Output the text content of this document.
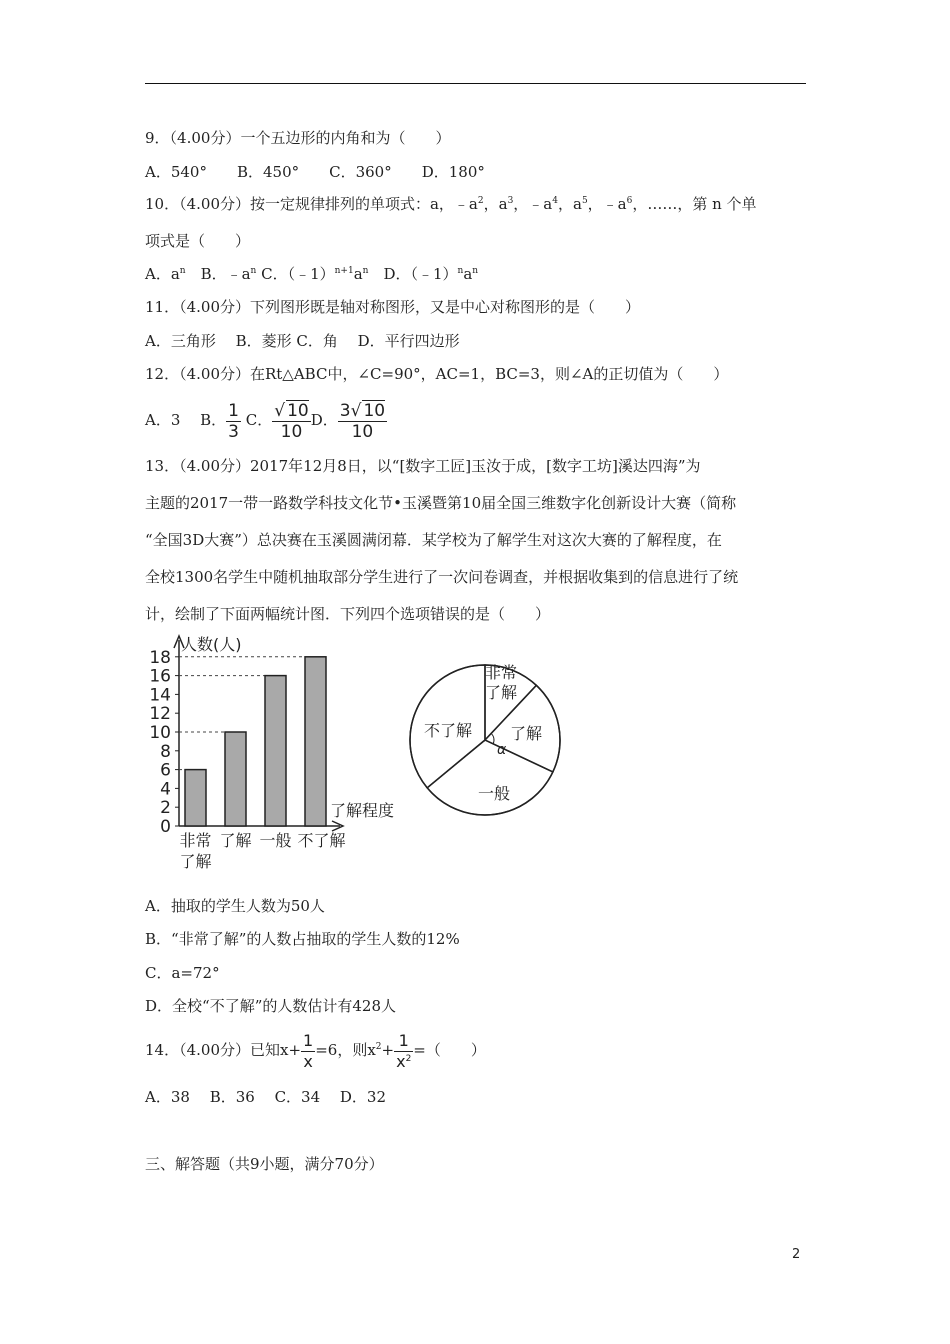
9．（4.00分）一个五边形的内角和为（　　）
A．540°　　B．450°　　C．360°　　D．180°
10．（4.00分）按一定规律排列的单项式：a，$﹣a^2$，$a^3$，$﹣a^4$，$a^5$，$﹣a^6$，……，第 n 个单
项式是（　　）
A．$a^n$　B．$﹣a^n$ C．$(﹣1)^{n+1}a^n$　D．$(﹣1)^na^n$
11．（4.00分）下列图形既是轴对称图形，又是中心对称图形的是（　　）
A．三角形　 B．菱形 C．角　 D．平行四边形
12．（4.00分）在Rt△ABC中，∠C=90°，AC=1，BC=3，则∠A的正切值为（　　）
A．3　 B． $\frac{1}{3}$ C． $\frac{√ 10}{10}$ D． $\frac{3√ 10}{10}$
13．（4.00分）2017年12月8日，以“[数字工匠]玉汝于成，[数字工坊]溪达四海”为
主题的2017一带一路数学科技文化节•玉溪暨第10届全国三维数字化创新设计大赛（简称
“全国3D大赛”）总决赛在玉溪圆满闭幕．某学校为了解学生对这次大赛的了解程度，在
全校1300名学生中随机抽取部分学生进行了一次问卷调查，并根据收集到的信息进行了统
计，绘制了下面两幅统计图．下列四个选项错误的是（　　）
人数(人)
了解程度
0
2
4
6
8
10
12
14
16
18
非常
了解
了解 一般 不了解
非常
了解
了解
一般
不了解
α
A．抽取的学生人数为50人
B．“非常了解”的人数占抽取的学生人数的12%
C．a=72°
D．全校“不了解”的人数估计有428人
14．（4.00分）已知$x+ \frac{1}{x} =6$，则$x^2+ \frac{1}{x^2}$ =（　　）
A．38　 B．36　 C．34　 D．32
三、解答题（共9小题，满分70分）
2
